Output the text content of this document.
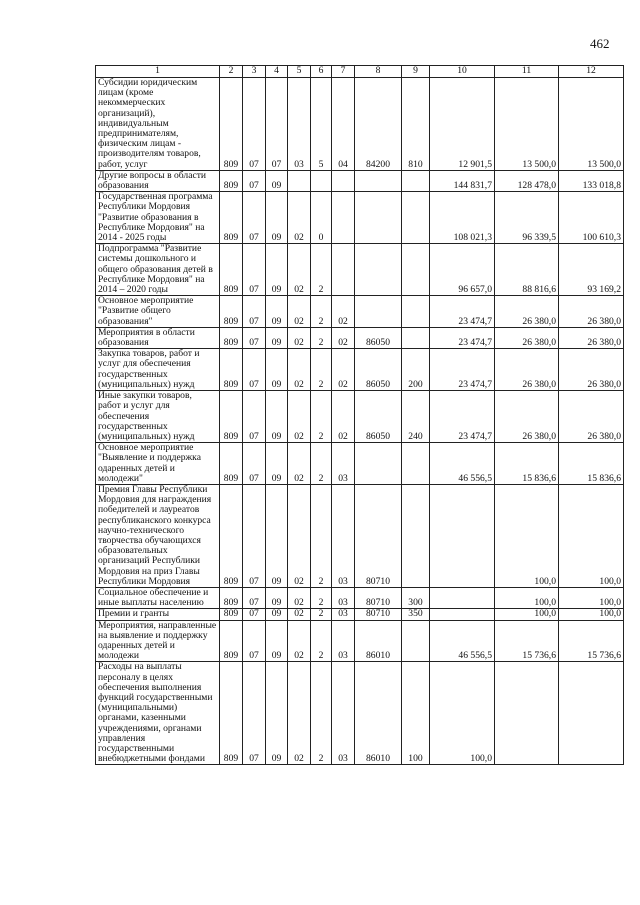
462
1	2	3	4	5	6	7	8	9	10	11	12
Субсидии юридическим лицам (кроме некоммерческих организаций), индивидуальным предпринимателям, физическим лицам - производителям товаров, работ, услуг	809	07	07	03	5	04	84200	810	12 901,5	13 500,0	13 500,0
Другие вопросы в области образования	809	07	09						144 831,7	128 478,0	133 018,8
Государственная программа Республики Мордовия "Развитие образования в Республике Мордовия" на 2014 - 2025 годы	809	07	09	02	0				108 021,3	96 339,5	100 610,3
Подпрограмма "Развитие системы дошкольного и общего образования детей в Республике Мордовия" на 2014 – 2020 годы	809	07	09	02	2				96 657,0	88 816,6	93 169,2
Основное мероприятие "Развитие общего образования"	809	07	09	02	2	02			23 474,7	26 380,0	26 380,0
Мероприятия в области образования	809	07	09	02	2	02	86050		23 474,7	26 380,0	26 380,0
Закупка товаров, работ и услуг для обеспечения государственных (муниципальных) нужд	809	07	09	02	2	02	86050	200	23 474,7	26 380,0	26 380,0
Иные закупки товаров, работ и услуг для обеспечения государственных (муниципальных) нужд	809	07	09	02	2	02	86050	240	23 474,7	26 380,0	26 380,0
Основное мероприятие "Выявление и поддержка одаренных детей и молодежи"	809	07	09	02	2	03			46 556,5	15 836,6	15 836,6
Премия Главы Республики Мордовия для награждения победителей и лауреатов республиканского конкурса научно-технического творчества обучающихся образовательных организаций Республики Мордовия на приз Главы Республики Мордовия	809	07	09	02	2	03	80710			100,0	100,0
Социальное обеспечение и иные выплаты населению	809	07	09	02	2	03	80710	300		100,0	100,0
Премии и гранты	809	07	09	02	2	03	80710	350		100,0	100,0
Мероприятия, направленные на выявление и поддержку одаренных детей и молодежи	809	07	09	02	2	03	86010		46 556,5	15 736,6	15 736,6
Расходы на выплаты персоналу в целях обеспечения выполнения функций государственными (муниципальными) органами, казенными учреждениями, органами управления государственными внебюджетными фондами	809	07	09	02	2	03	86010	100	100,0		
